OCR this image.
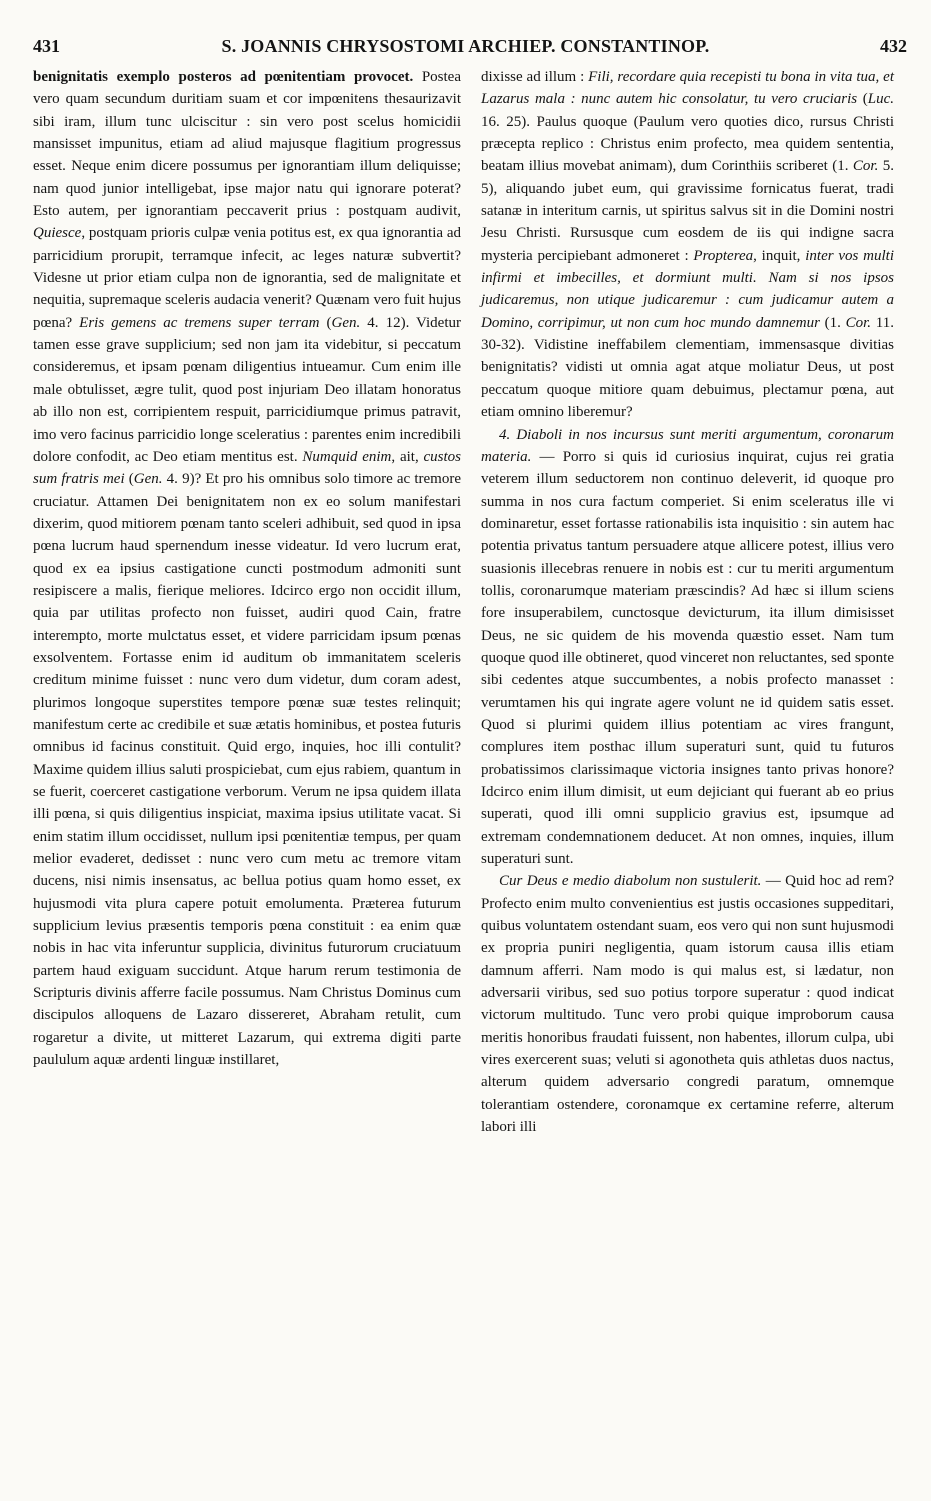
431	S. JOANNIS CHRYSOSTOMI ARCHIEP. CONSTANTINOP.	432

benignitatis exemplo posteros ad pœnitentiam provocet. Postea vero quam secundum duritiam suam et cor impœnitens thesaurizavit sibi iram, illum tunc ulciscitur : sin vero post scelus homicidii mansisset impunitus, etiam ad aliud majusque flagitium progressus esset. Neque enim dicere possumus per ignorantiam illum deliquisse; nam quod junior intelligebat, ipse major natu qui ignorare poterat? Esto autem, per ignorantiam peccaverit prius : postquam audivit, Quiesce, postquam prioris culpæ venia potitus est, ex qua ignorantia ad parricidium prorupit, terramque infecit, ac leges naturæ subvertit? Videsne ut prior etiam culpa non de ignorantia, sed de malignitate et nequitia, supremaque sceleris audacia venerit? Quænam vero fuit hujus pœna? Eris gemens ac tremens super terram (Gen. 4. 12). Videtur tamen esse grave supplicium; sed non jam ita videbitur, si peccatum consideremus, et ipsam pœnam diligentius intueamur. Cum enim ille male obtulisset, ægre tulit, quod post injuriam Deo illatam honoratus ab illo non est, corripientem respuit, parricidiumque primus patravit, imo vero facinus parricidio longe sceleratius : parentes enim incredibili dolore confodit, ac Deo etiam mentitus est. Numquid enim, ait, custos sum fratris mei (Gen. 4. 9)? Et pro his omnibus solo timore ac tremore cruciatur. Attamen Dei benignitatem non ex eo solum manifestari dixerim, quod mitiorem pœnam tanto sceleri adhibuit, sed quod in ipsa pœna lucrum haud spernendum inesse videatur. Id vero lucrum erat, quod ex ea ipsius castigatione cuncti postmodum admoniti sunt resipiscere a malis, fierique meliores. Idcirco ergo non occidit illum, quia par utilitas profecto non fuisset, audiri quod Cain, fratre interempto, morte mulctatus esset, et videre parricidam ipsum pœnas exsolventem. Fortasse enim id auditum ob immanitatem sceleris creditum minime fuisset : nunc vero dum videtur, dum coram adest, plurimos longoque superstites tempore pœnæ suæ testes relinquit; manifestum certe ac credibile et suæ ætatis hominibus, et postea futuris omnibus id facinus constituit. Quid ergo, inquies, hoc illi contulit? Maxime quidem illius saluti prospiciebat, cum ejus rabiem, quantum in se fuerit, coerceret castigatione verborum. Verum ne ipsa quidem illata illi pœna, si quis diligentius inspiciat, maxima ipsius utilitate vacat. Si enim statim illum occidisset, nullum ipsi pœnitentiæ tempus, per quam melior evaderet, dedisset : nunc vero cum metu ac tremore vitam ducens, nisi nimis insensatus, ac bellua potius quam homo esset, ex hujusmodi vita plura capere potuit emolumenta. Præterea futurum supplicium levius præsentis temporis pœna constituit : ea enim quæ nobis in hac vita inferuntur supplicia, divinitus futurorum cruciatuum partem haud exiguam succidunt. Atque harum rerum testimonia de Scripturis divinis afferre facile possumus. Nam Christus Dominus cum discipulos alloquens de Lazaro dissereret, Abraham retulit, cum rogaretur a divite, ut mitteret Lazarum, qui extrema digiti parte paululum aquæ ardenti linguæ instillaret,

dixisse ad illum : Fili, recordare quia recepisti tu bona in vita tua, et Lazarus mala : nunc autem hic consolatur, tu vero cruciaris (Luc. 16. 25). Paulus quoque (Paulum vero quoties dico, rursus Christi præcepta replico : Christus enim profecto, mea quidem sententia, beatam illius movebat animam), dum Corinthiis scriberet (1. Cor. 5. 5), aliquando jubet eum, qui gravissime fornicatus fuerat, tradi satanæ in interitum carnis, ut spiritus salvus sit in die Domini nostri Jesu Christi. Rursusque cum eosdem de iis qui indigne sacra mysteria percipiebant admoneret : Propterea, inquit, inter vos multi infirmi et imbecilles, et dormiunt multi. Nam si nos ipsos judicaremus, non utique judicaremur : cum judicamur autem a Domino, corripimur, ut non cum hoc mundo damnemur (1. Cor. 11. 30-32). Vidistine ineffabilem clementiam, immensasque divitias benignitatis? vidisti ut omnia agat atque moliatur Deus, ut post peccatum quoque mitiore quam debuimus, plectamur pœna, aut etiam omnino liberemur?

4. Diaboli in nos incursus sunt meriti argumentum, coronarum materia. — Porro si quis id curiosius inquirat, cujus rei gratia veterem illum seductorem non continuo deleverit, id quoque pro summa in nos cura factum comperiet. Si enim sceleratus ille vi dominaretur, esset fortasse rationabilis ista inquisitio : sin autem hac potentia privatus tantum persuadere atque allicere potest, illius vero suasionis illecebras renuere in nobis est : cur tu meriti argumentum tollis, coronarumque materiam præscindis? Ad hæc si illum sciens fore insuperabilem, cunctosque devicturum, ita illum dimisisset Deus, ne sic quidem de his movenda quæstio esset. Nam tum quoque quod ille obtineret, quod vinceret non reluctantes, sed sponte sibi cedentes atque succumbentes, a nobis profecto manasset : verumtamen his qui ingrate agere volunt ne id quidem satis esset. Quod si plurimi quidem illius potentiam ac vires frangunt, complures item posthac illum superaturi sunt, quid tu futuros probatissimos clarissimaque victoria insignes tanto privas honore? Idcirco enim illum dimisit, ut eum dejiciant qui fuerant ab eo prius superati, quod illi omni supplicio gravius est, ipsumque ad extremam condemnationem deducet. At non omnes, inquies, illum superaturi sunt.

Cur Deus e medio diabolum non sustulerit. — Quid hoc ad rem? Profecto enim multo convenientius est justis occasiones suppeditari, quibus voluntatem ostendant suam, eos vero qui non sunt hujusmodi ex propria puniri negligentia, quam istorum causa illis etiam damnum afferri. Nam modo is qui malus est, si lædatur, non adversarii viribus, sed suo potius torpore superatur : quod indicat victorum multitudo. Tunc vero probi quique improborum causa meritis honoribus fraudati fuissent, non habentes, illorum culpa, ubi vires exercerent suas; veluti si agonotheta quis athletas duos nactus, alterum quidem adversario congredi paratum, omnemque tolerantiam ostendere, coronamque ex certamine referre, alterum labori illi
